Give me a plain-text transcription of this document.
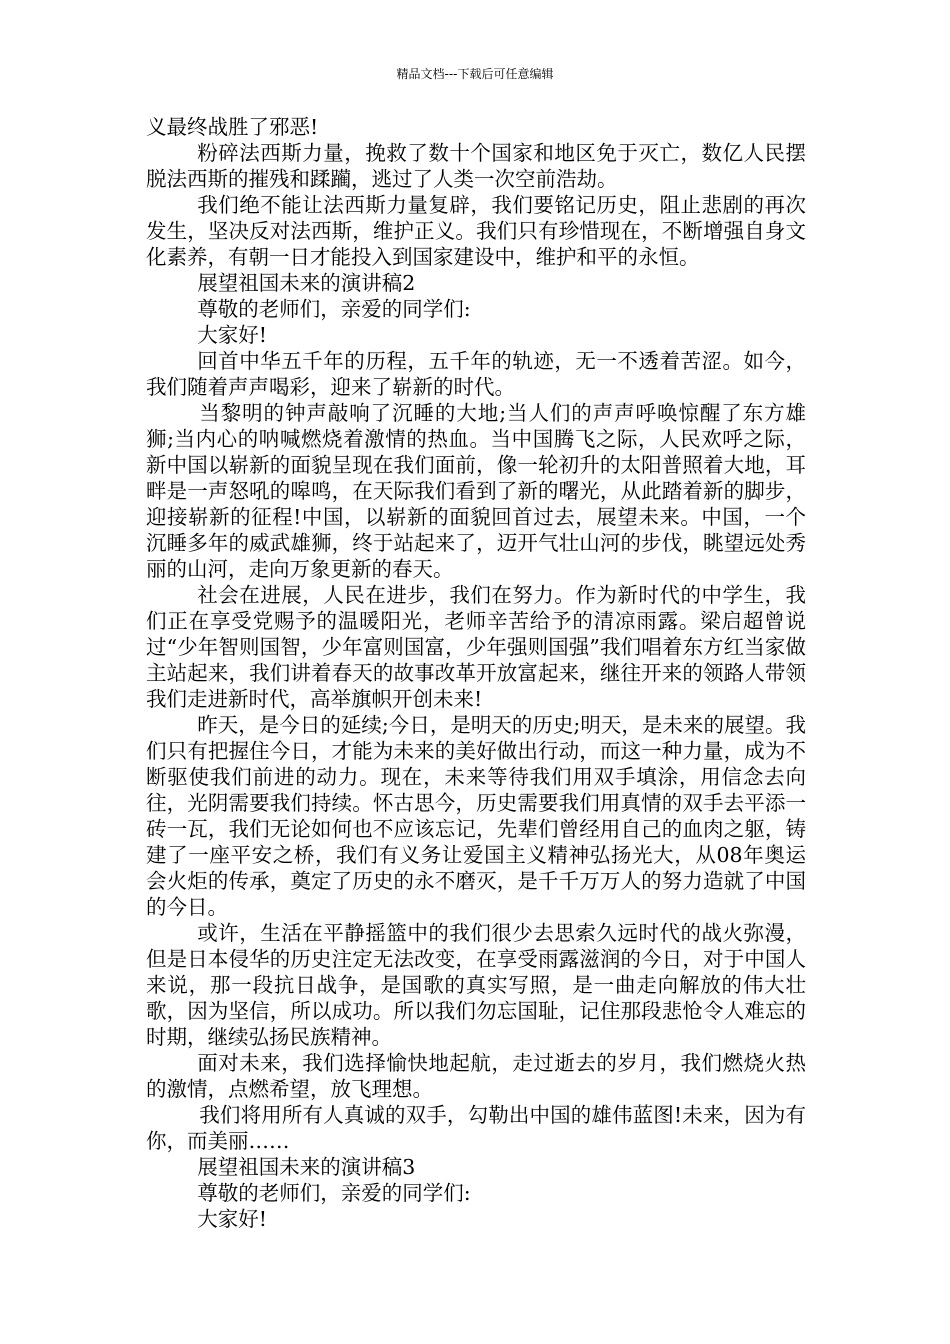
精品文档---下载后可任意编辑

义最终战胜了邪恶!

粉碎法西斯力量，挽救了数十个国家和地区免于灭亡，数亿人民摆脱法西斯的摧残和蹂躏，逃过了人类一次空前浩劫。

我们绝不能让法西斯力量复辟，我们要铭记历史，阻止悲剧的再次发生，坚决反对法西斯，维护正义。我们只有珍惜现在，不断增强自身文化素养，有朝一日才能投入到国家建设中，维护和平的永恒。

展望祖国未来的演讲稿2

尊敬的老师们，亲爱的同学们:

大家好!

回首中华五千年的历程，五千年的轨迹，无一不透着苦涩。如今，我们随着声声喝彩，迎来了崭新的时代。

当黎明的钟声敲响了沉睡的大地;当人们的声声呼唤惊醒了东方雄狮;当内心的呐喊燃烧着激情的热血。当中国腾飞之际，人民欢呼之际，新中国以崭新的面貌呈现在我们面前，像一轮初升的太阳普照着大地，耳畔是一声怒吼的嗥鸣，在天际我们看到了新的曙光，从此踏着新的脚步，迎接崭新的征程!中国，以崭新的面貌回首过去，展望未来。中国，一个沉睡多年的威武雄狮，终于站起来了，迈开气壮山河的步伐，眺望远处秀丽的山河，走向万象更新的春天。

社会在进展，人民在进步，我们在努力。作为新时代的中学生，我们正在享受党赐予的温暖阳光，老师辛苦给予的清凉雨露。梁启超曾说过“少年智则国智，少年富则国富，少年强则国强”我们唱着东方红当家做主站起来，我们讲着春天的故事改革开放富起来，继往开来的领路人带领我们走进新时代，高举旗帜开创未来!

昨天，是今日的延续;今日，是明天的历史;明天，是未来的展望。我们只有把握住今日，才能为未来的美好做出行动，而这一种力量，成为不断驱使我们前进的动力。现在，未来等待我们用双手填涂，用信念去向往，光阴需要我们持续。怀古思今，历史需要我们用真情的双手去平添一砖一瓦，我们无论如何也不应该忘记，先辈们曾经用自己的血肉之躯，铸建了一座平安之桥，我们有义务让爱国主义精神弘扬光大，从08年奥运会火炬的传承，奠定了历史的永不磨灭，是千千万万人的努力造就了中国的今日。

或许，生活在平静摇篮中的我们很少去思索久远时代的战火弥漫，但是日本侵华的历史注定无法改变，在享受雨露滋润的今日，对于中国人来说，那一段抗日战争，是国歌的真实写照，是一曲走向解放的伟大壮歌，因为坚信，所以成功。所以我们勿忘国耻，记住那段悲怆令人难忘的时期，继续弘扬民族精神。

面对未来，我们选择愉快地起航，走过逝去的岁月，我们燃烧火热的激情，点燃希望，放飞理想。

我们将用所有人真诚的双手，勾勒出中国的雄伟蓝图!未来，因为有你，而美丽……

展望祖国未来的演讲稿3

尊敬的老师们，亲爱的同学们:

大家好!
